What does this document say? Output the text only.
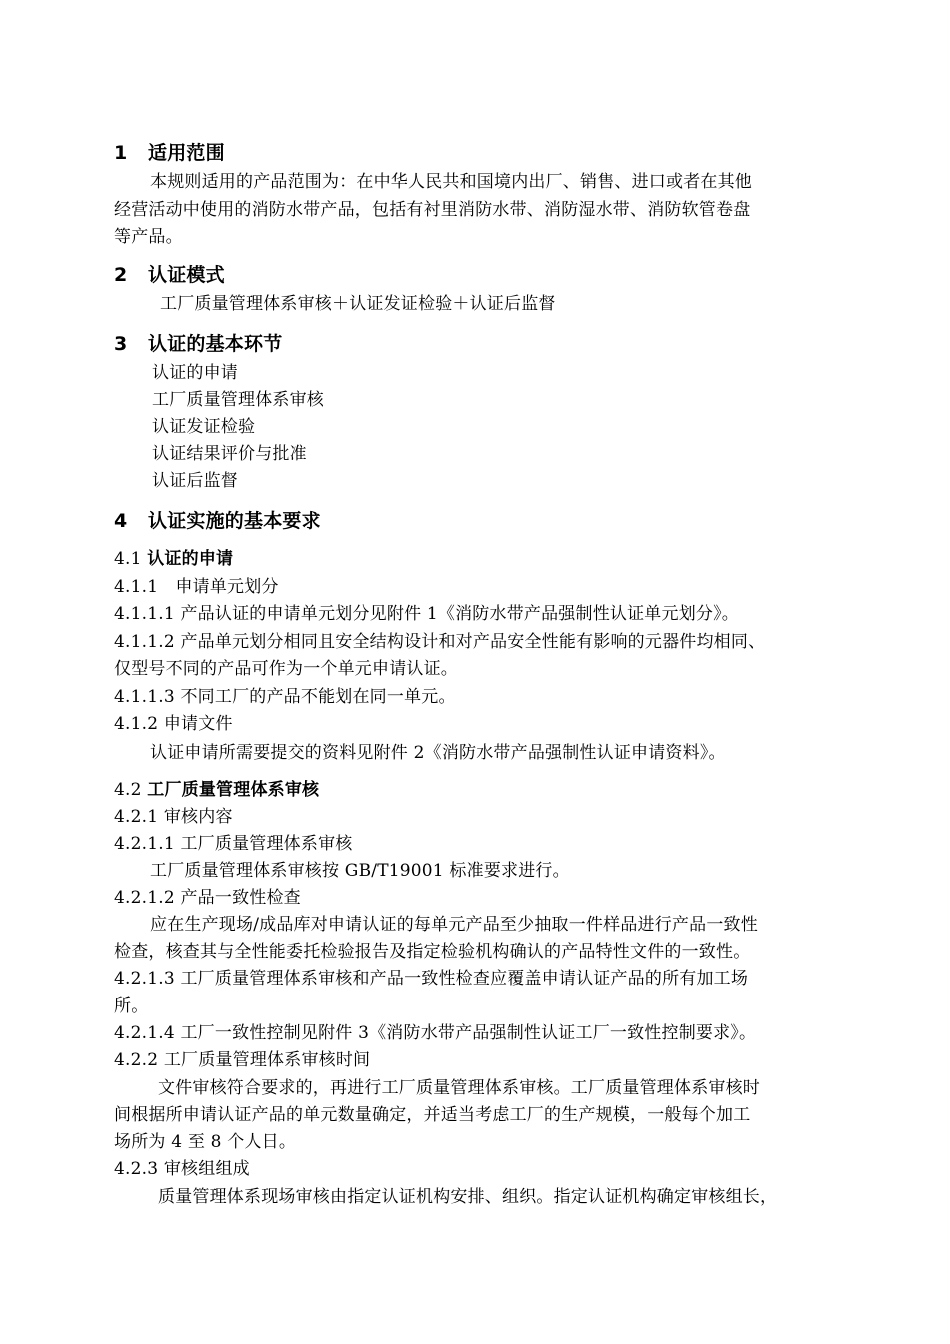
1 适用范围
本规则适用的产品范围为：在中华人民共和国境内出厂、销售、进口或者在其他
经营活动中使用的消防水带产品，包括有衬里消防水带、消防湿水带、消防软管卷盘
等产品。
2 认证模式
工厂质量管理体系审核＋认证发证检验＋认证后监督
3 认证的基本环节
认证的申请
工厂质量管理体系审核
认证发证检验
认证结果评价与批准
认证后监督
4 认证实施的基本要求
4.1 认证的申请
4.1.1　申请单元划分
4.1.1.1 产品认证的申请单元划分见附件 1《消防水带产品强制性认证单元划分》。
4.1.1.2 产品单元划分相同且安全结构设计和对产品安全性能有影响的元器件均相同、
仅型号不同的产品可作为一个单元申请认证。
4.1.1.3 不同工厂的产品不能划在同一单元。
4.1.2 申请文件
认证申请所需要提交的资料见附件 2《消防水带产品强制性认证申请资料》。
4.2 工厂质量管理体系审核
4.2.1 审核内容
4.2.1.1 工厂质量管理体系审核
工厂质量管理体系审核按 GB/T19001 标准要求进行。
4.2.1.2 产品一致性检查
应在生产现场/成品库对申请认证的每单元产品至少抽取一件样品进行产品一致性
检查，核查其与全性能委托检验报告及指定检验机构确认的产品特性文件的一致性。
4.2.1.3 工厂质量管理体系审核和产品一致性检查应覆盖申请认证产品的所有加工场
所。
4.2.1.4 工厂一致性控制见附件 3《消防水带产品强制性认证工厂一致性控制要求》。
4.2.2 工厂质量管理体系审核时间
文件审核符合要求的，再进行工厂质量管理体系审核。工厂质量管理体系审核时
间根据所申请认证产品的单元数量确定，并适当考虑工厂的生产规模，一般每个加工
场所为 4 至 8 个人日。
4.2.3 审核组组成
质量管理体系现场审核由指定认证机构安排、组织。指定认证机构确定审核组长，
